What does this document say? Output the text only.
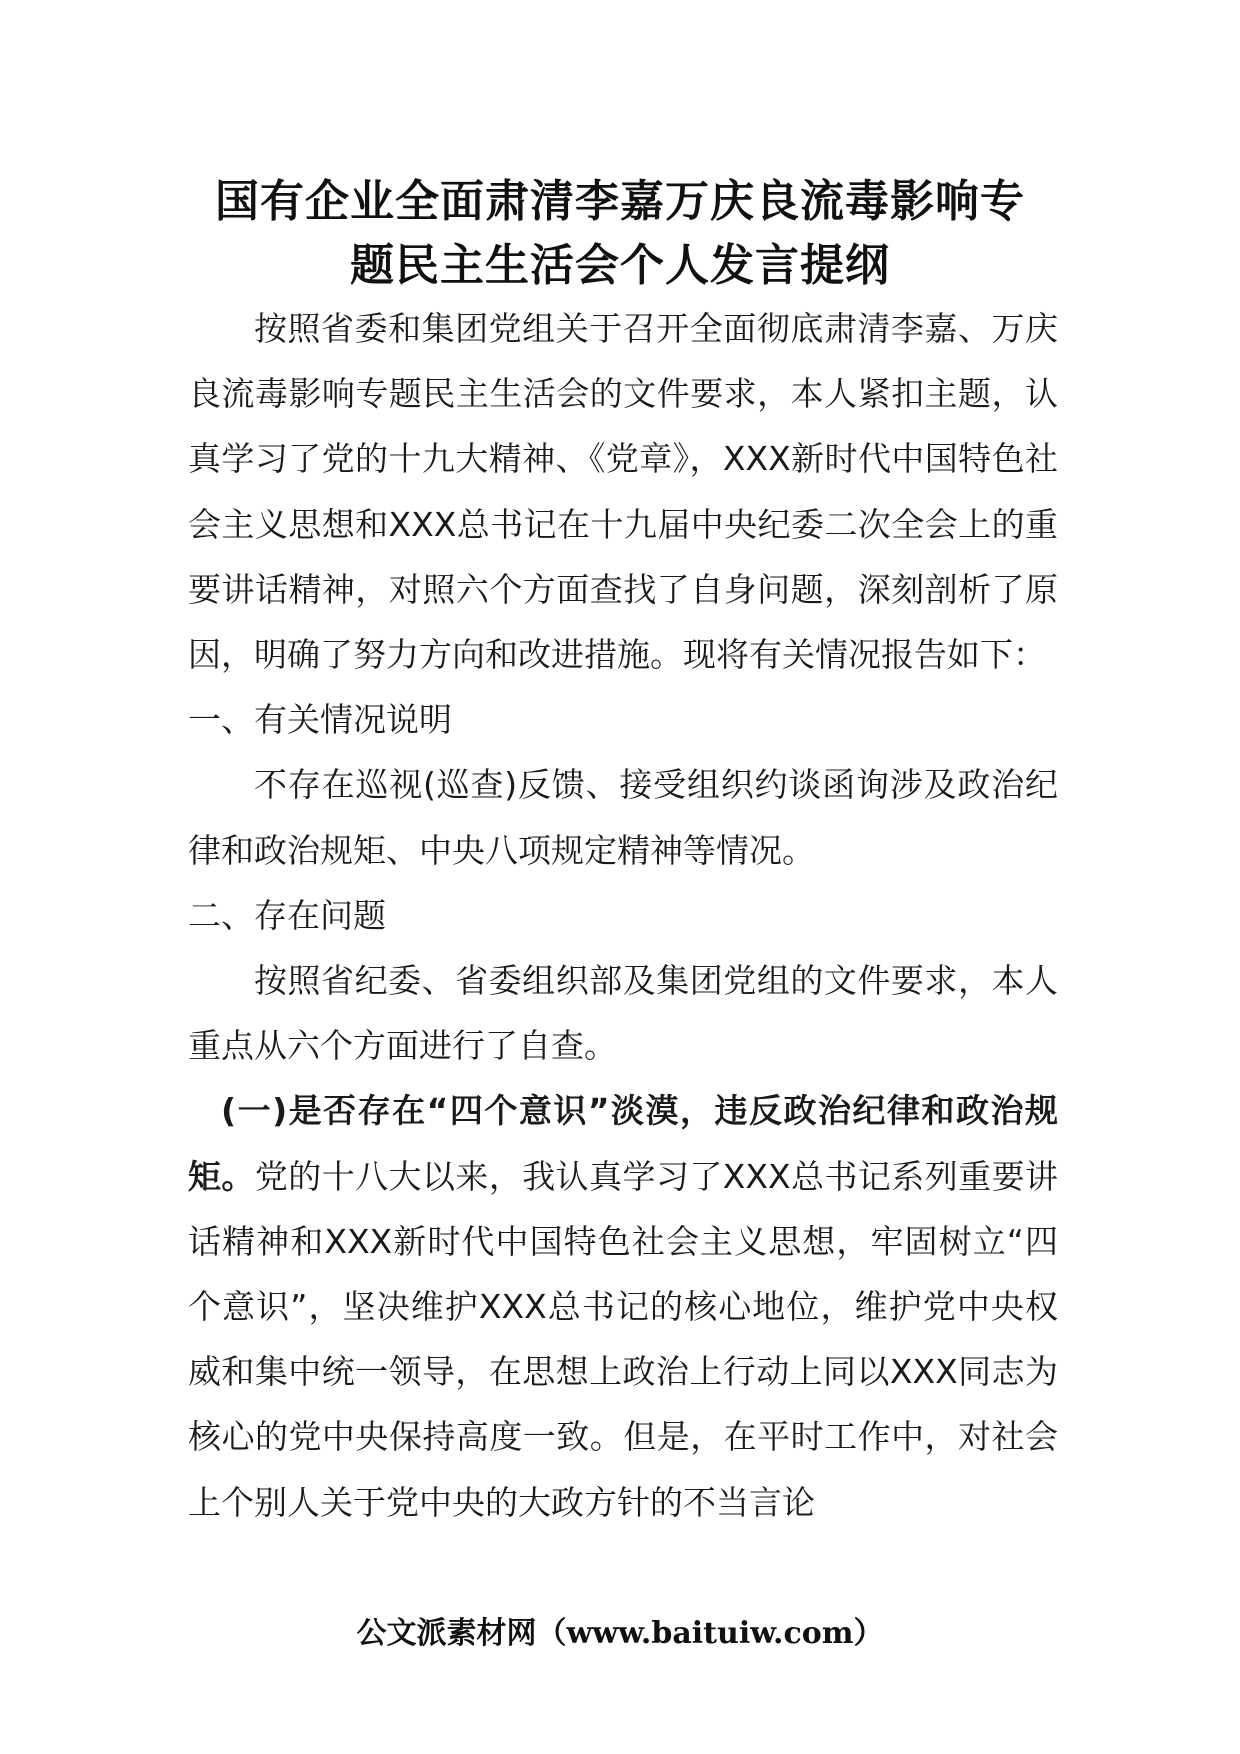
国有企业全面肃清李嘉万庆良流毒影响专
题民主生活会个人发言提纲

按照省委和集团党组关于召开全面彻底肃清李嘉、万庆良流毒影响专题民主生活会的文件要求，本人紧扣主题，认真学习了党的十九大精神、《党章》，XXX新时代中国特色社会主义思想和XXX总书记在十九届中央纪委二次全会上的重要讲话精神，对照六个方面查找了自身问题，深刻剖析了原因，明确了努力方向和改进措施。现将有关情况报告如下：

一、有关情况说明

不存在巡视(巡查)反馈、接受组织约谈函询涉及政治纪律和政治规矩、中央八项规定精神等情况。

二、存在问题

按照省纪委、省委组织部及集团党组的文件要求，本人重点从六个方面进行了自查。

(一)是否存在“四个意识”淡漠，违反政治纪律和政治规矩。党的十八大以来，我认真学习了XXX总书记系列重要讲话精神和XXX新时代中国特色社会主义思想，牢固树立“四个意识”，坚决维护XXX总书记的核心地位，维护党中央权威和集中统一领导，在思想上政治上行动上同以XXX同志为核心的党中央保持高度一致。但是，在平时工作中，对社会上个别人关于党中央的大政方针的不当言论

公文派素材网（www.baituiw.com）
